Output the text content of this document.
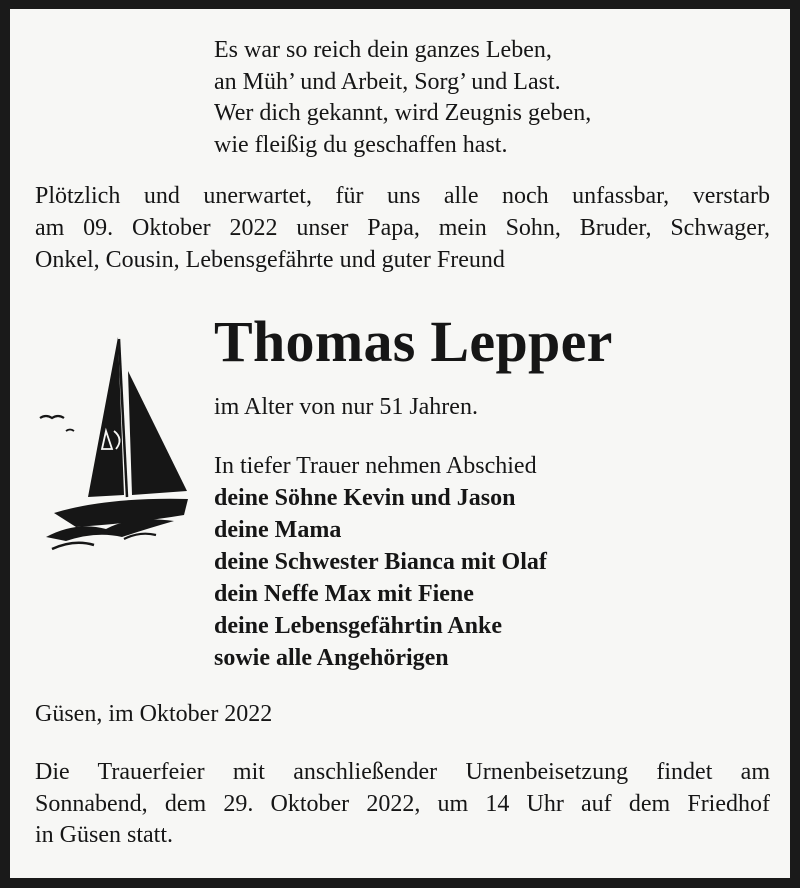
Es war so reich dein ganzes Leben,
an Müh’ und Arbeit, Sorg’ und Last.
Wer dich gekannt, wird Zeugnis geben,
wie fleißig du geschaffen hast.
Plötzlich und unerwartet, für uns alle noch unfassbar, verstarb
am 09. Oktober 2022 unser Papa, mein Sohn, Bruder, Schwager,
Onkel, Cousin, Lebensgefährte und guter Freund
Thomas Lepper
im Alter von nur 51 Jahren.
In tiefer Trauer nehmen Abschied
deine Söhne Kevin und Jason
deine Mama
deine Schwester Bianca mit Olaf
dein Neffe Max mit Fiene
deine Lebensgefährtin Anke
sowie alle Angehörigen
Güsen, im Oktober 2022
Die Trauerfeier mit anschließender Urnenbeisetzung findet am
Sonnabend, dem 29. Oktober 2022, um 14 Uhr auf dem Friedhof
in Güsen statt.
